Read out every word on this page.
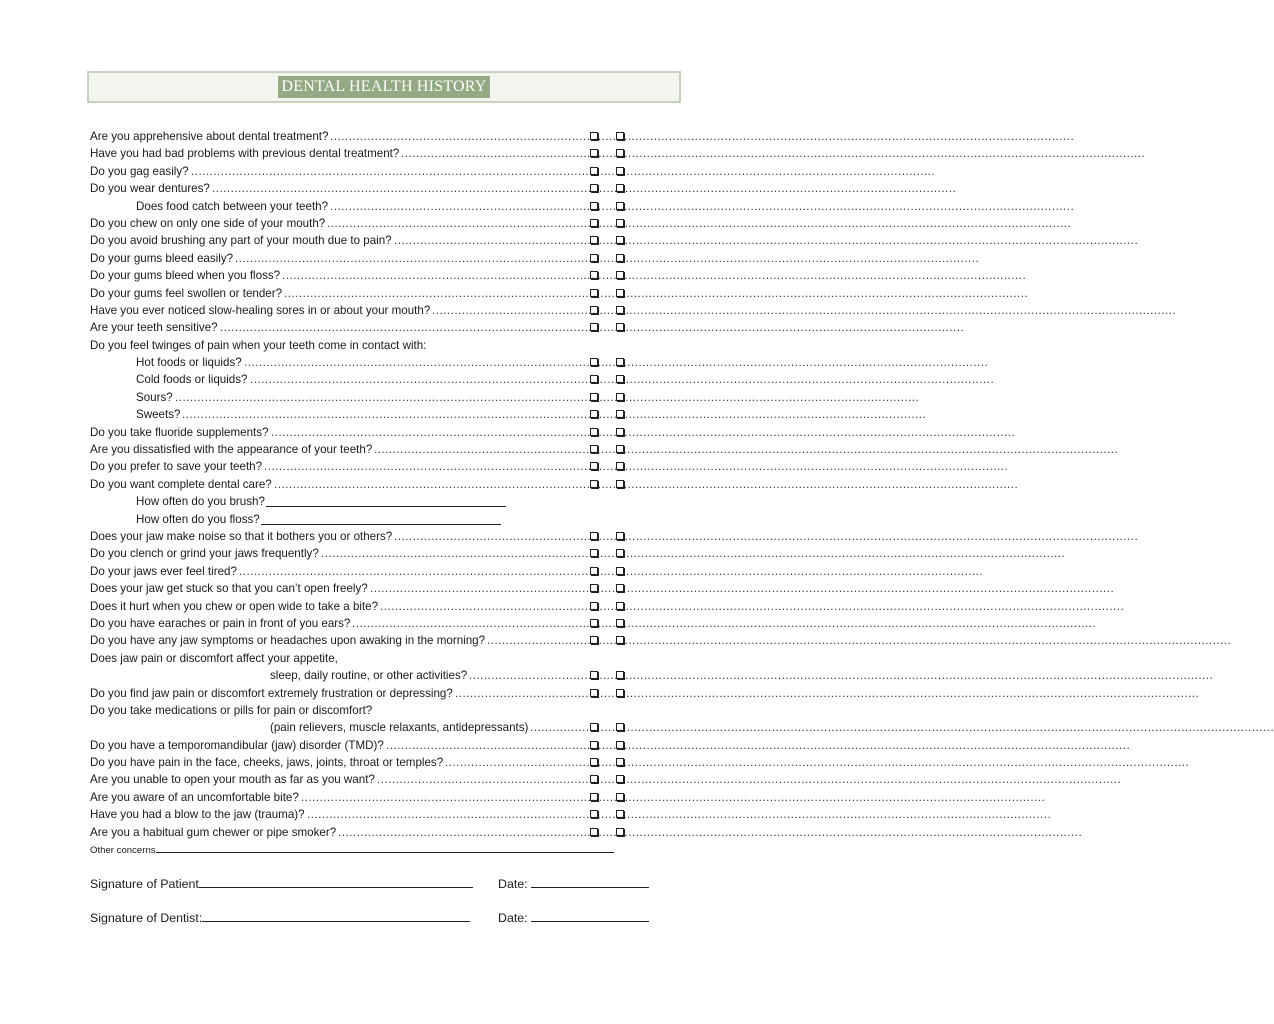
DENTAL HEALTH HISTORY
Are you apprehensive about dental treatment? ........................................................................................................................................................................................................
Have you had bad problems with previous dental treatment? ........................................................................................................................................................................................................
Do you gag easily? ........................................................................................................................................................................................................
Do you wear dentures? ........................................................................................................................................................................................................
Does food catch between your teeth? ........................................................................................................................................................................................................
Do you chew on only one side of your mouth? ........................................................................................................................................................................................................
Do you avoid brushing any part of your mouth due to pain? ........................................................................................................................................................................................................
Do your gums bleed easily? ........................................................................................................................................................................................................
Do your gums bleed when you floss? ........................................................................................................................................................................................................
Do your gums feel swollen or tender? ........................................................................................................................................................................................................
Have you ever noticed slow-healing sores in or about your mouth? ........................................................................................................................................................................................................
Are your teeth sensitive? ........................................................................................................................................................................................................
Do you feel twinges of pain when your teeth come in contact with:
Hot foods or liquids? ........................................................................................................................................................................................................
Cold foods or liquids? ........................................................................................................................................................................................................
Sours? ........................................................................................................................................................................................................
Sweets? ........................................................................................................................................................................................................
Do you take fluoride supplements? ........................................................................................................................................................................................................
Are you dissatisfied with the appearance of your teeth? ........................................................................................................................................................................................................
Do you prefer to save your teeth? ........................................................................................................................................................................................................
Do you want complete dental care? ........................................................................................................................................................................................................
How often do you brush?
How often do you floss?
Does your jaw make noise so that it bothers you or others? ........................................................................................................................................................................................................
Do you clench or grind your jaws frequently? ........................................................................................................................................................................................................
Do your jaws ever feel tired? ........................................................................................................................................................................................................
Does your jaw get stuck so that you can’t open freely? ........................................................................................................................................................................................................
Does it hurt when you chew or open wide to take a bite? ........................................................................................................................................................................................................
Do you have earaches or pain in front of you ears? ........................................................................................................................................................................................................
Do you have any jaw symptoms or headaches upon awaking in the morning? ........................................................................................................................................................................................................
Does jaw pain or discomfort affect your appetite,
sleep, daily routine, or other activities? ........................................................................................................................................................................................................
Do you find jaw pain or discomfort extremely frustration or depressing? ........................................................................................................................................................................................................
Do you take medications or pills for pain or discomfort?
(pain relievers, muscle relaxants, antidepressants) ........................................................................................................................................................................................................
Do you have a temporomandibular (jaw) disorder (TMD)? ........................................................................................................................................................................................................
Do you have pain in the face, cheeks, jaws, joints, throat or temples? ........................................................................................................................................................................................................
Are you unable to open your mouth as far as you want? ........................................................................................................................................................................................................
Are you aware of an uncomfortable bite? ........................................................................................................................................................................................................
Have you had a blow to the jaw (trauma)? ........................................................................................................................................................................................................
Are you a habitual gum chewer or pipe smoker? ........................................................................................................................................................................................................
Other concerns
Signature of Patient	Date:
Signature of Dentist:	Date:
